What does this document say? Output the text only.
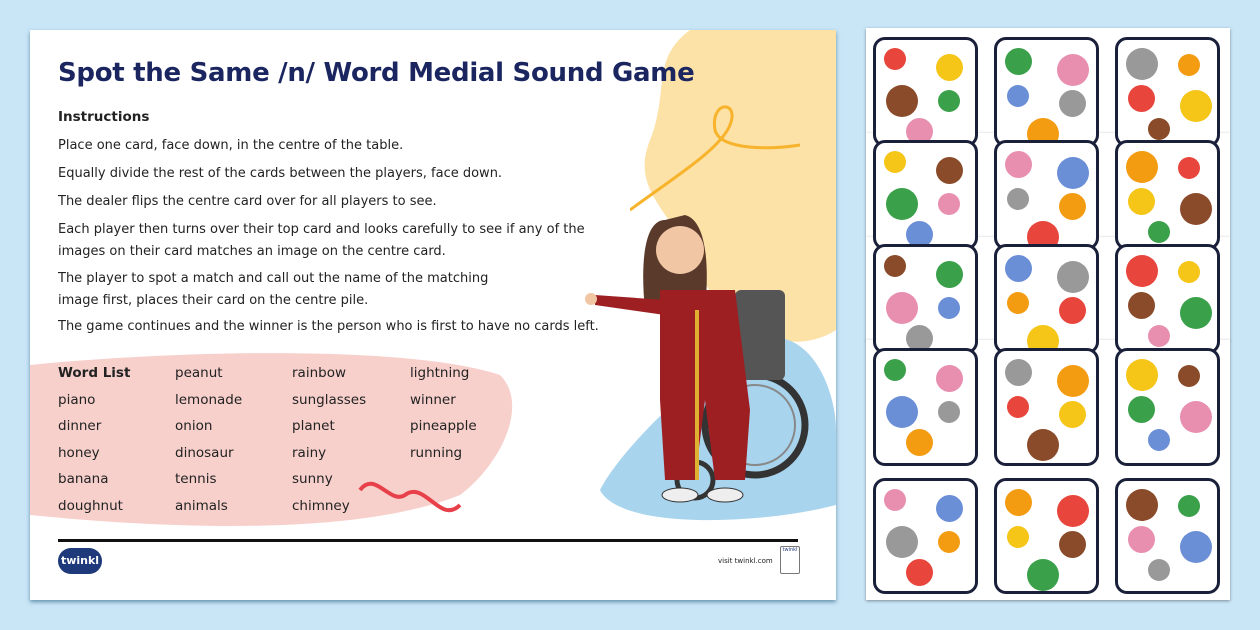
Spot the Same /n/ Word Medial Sound Game
Instructions
Place one card, face down, in the centre of the table.
Equally divide the rest of the cards between the players, face down.
The dealer flips the centre card over for all players to see.
Each player then turns over their top card and looks carefully to see if any of the images on their card matches an image on the centre card.
The player to spot a match and call out the name of the matching image first, places their card on the centre pile.
The game continues and the winner is the person who is first to have no cards left.
Word List
piano
dinner
honey
banana
doughnut
peanut
lemonade
onion
dinosaur
tennis
animals
rainbow
sunglasses
planet
rainy
sunny
chimney
lightning
winner
pineapple
running
twinkl	visit twinkl.com
twinkl
